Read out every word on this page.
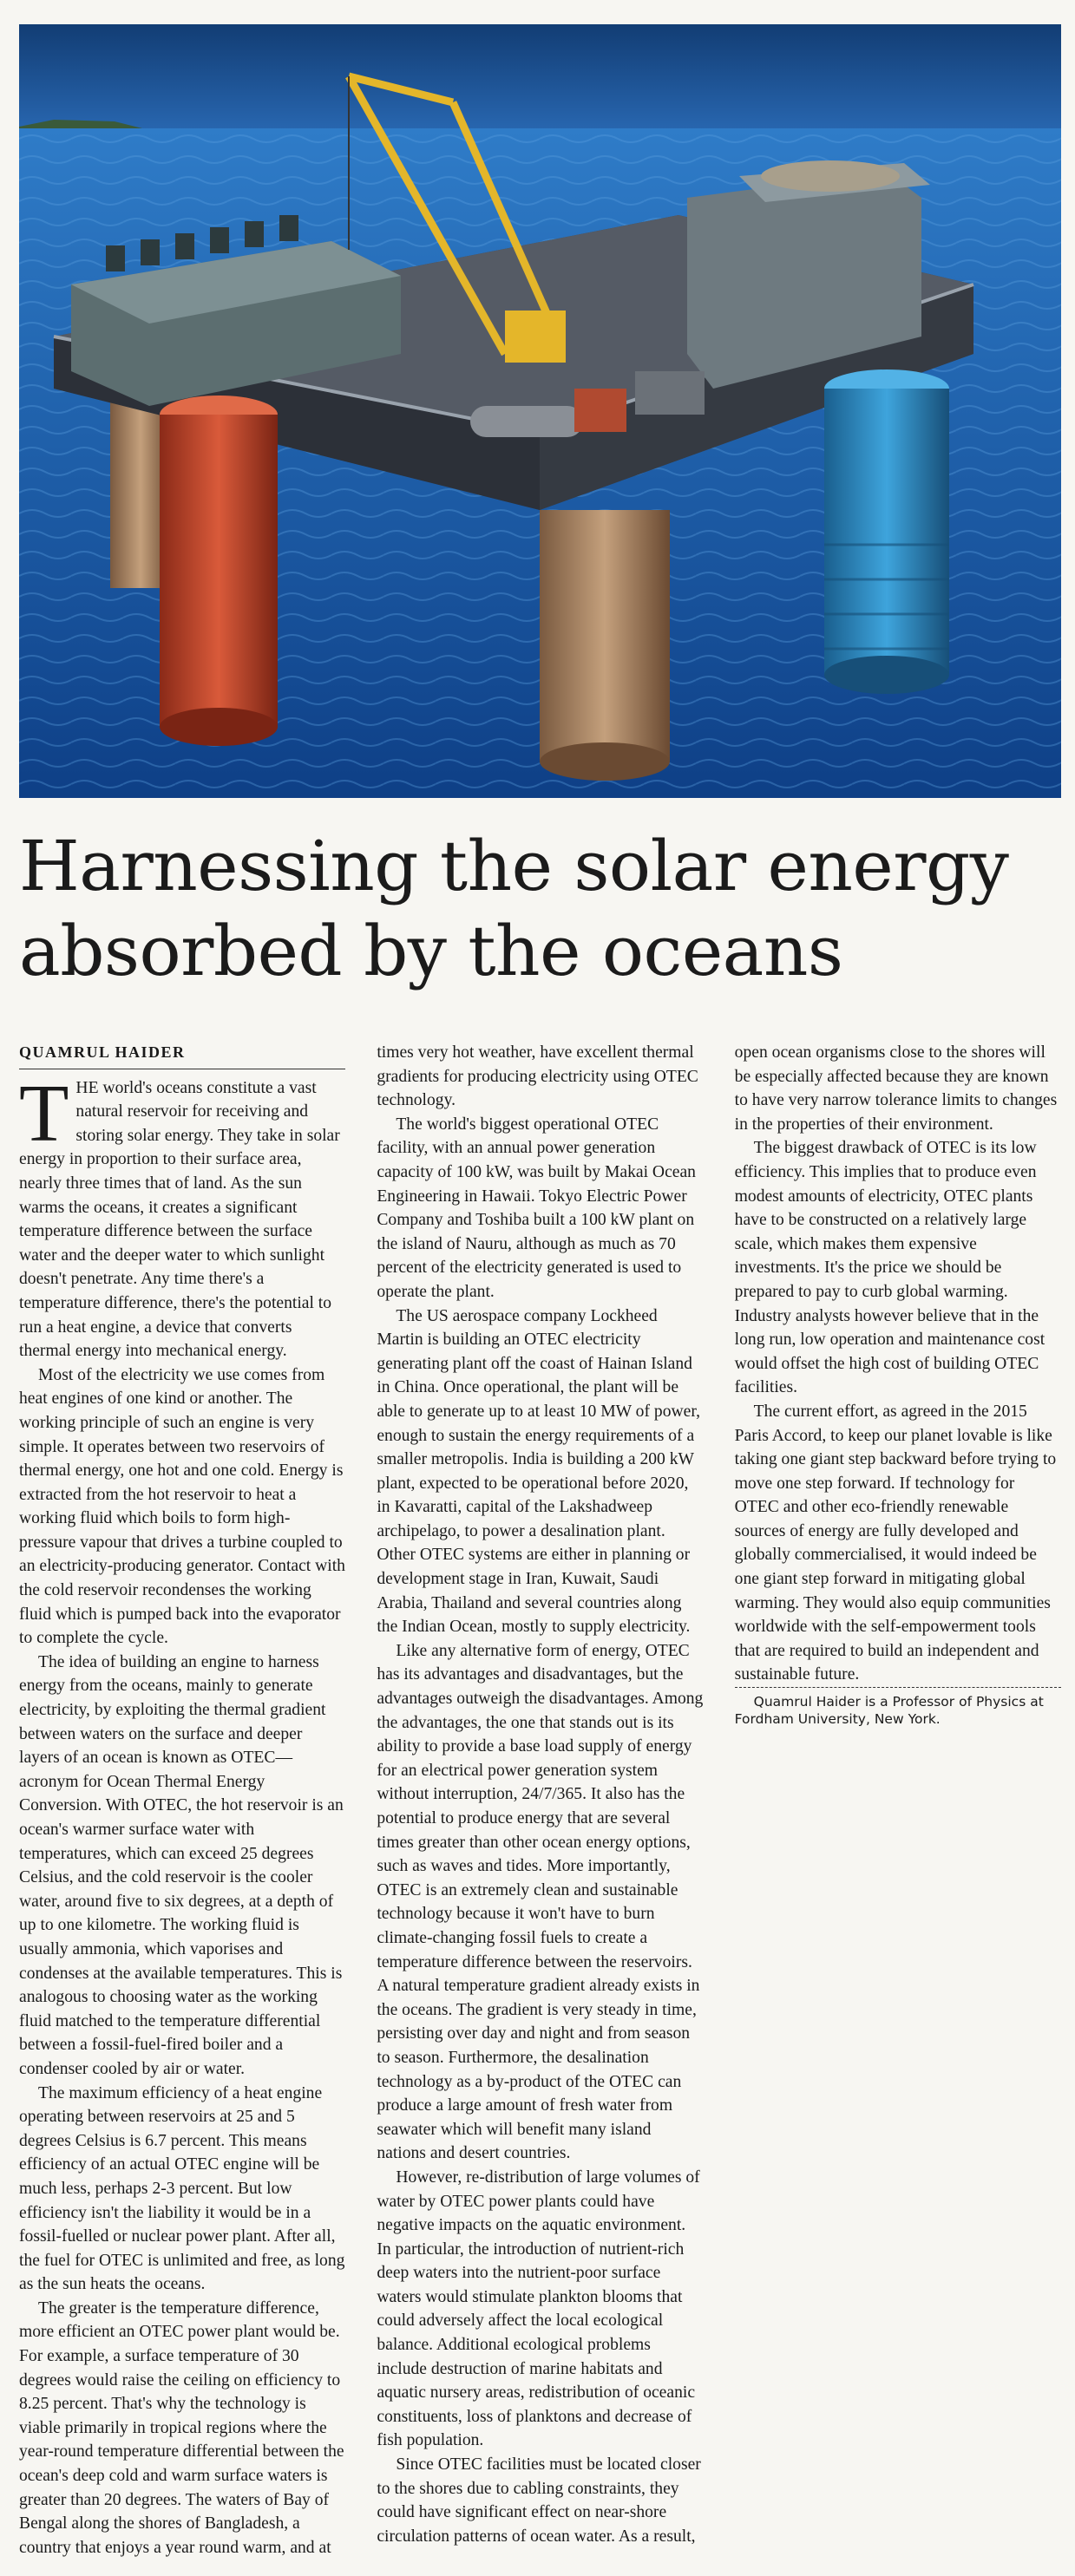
Harnessing the solar energy absorbed by the oceans
QUAMRUL HAIDER

THE world's oceans constitute a vast natural reservoir for receiving and storing solar energy. They take in solar energy in proportion to their surface area, nearly three times that of land. As the sun warms the oceans, it creates a significant temperature difference between the surface water and the deeper water to which sunlight doesn't penetrate. Any time there's a temperature difference, there's the potential to run a heat engine, a device that converts thermal energy into mechanical energy.

Most of the electricity we use comes from heat engines of one kind or another. The working principle of such an engine is very simple. It operates between two reservoirs of thermal energy, one hot and one cold. Energy is extracted from the hot reservoir to heat a working fluid which boils to form high-pressure vapour that drives a turbine coupled to an electricity-producing generator. Contact with the cold reservoir recondenses the working fluid which is pumped back into the evaporator to complete the cycle.

The idea of building an engine to harness energy from the oceans, mainly to generate electricity, by exploiting the thermal gradient between waters on the surface and deeper layers of an ocean is known as OTEC—acronym for Ocean Thermal Energy Conversion. With OTEC, the hot reservoir is an ocean's warmer surface water with temperatures, which can exceed 25 degrees Celsius, and the cold reservoir is the cooler water, around five to six degrees, at a depth of up to one kilometre. The working fluid is usually ammonia, which vaporises and condenses at the available temperatures. This is analogous to choosing water as the working fluid matched to the temperature differential between a fossil-fuel-fired boiler and a condenser cooled by air or water.

The maximum efficiency of a heat engine operating between reservoirs at 25 and 5 degrees Celsius is 6.7 percent. This means efficiency of an actual OTEC engine will be much less, perhaps 2-3 percent. But low efficiency isn't the liability it would be in a fossil-fuelled or nuclear power plant. After all, the fuel for OTEC is unlimited and free, as long as the sun heats the oceans.

The greater is the temperature difference, more efficient an OTEC power plant would be. For example, a surface temperature of 30 degrees would raise the ceiling on efficiency to 8.25 percent. That's why the technology is viable primarily in tropical regions where the year-round temperature differential between the ocean's deep cold and warm surface waters is greater than 20 degrees. The waters of Bay of Bengal along the shores of Bangladesh, a country that enjoys a year round warm, and at times very hot weather, have excellent thermal gradients for producing electricity using OTEC technology.

The world's biggest operational OTEC facility, with an annual power generation capacity of 100 kW, was built by Makai Ocean Engineering in Hawaii. Tokyo Electric Power Company and Toshiba built a 100 kW plant on the island of Nauru, although as much as 70 percent of the electricity generated is used to operate the plant.

The US aerospace company Lockheed Martin is building an OTEC electricity generating plant off the coast of Hainan Island in China. Once operational, the plant will be able to generate up to at least 10 MW of power, enough to sustain the energy requirements of a smaller metropolis. India is building a 200 kW plant, expected to be operational before 2020, in Kavaratti, capital of the Lakshadweep archipelago, to power a desalination plant. Other OTEC systems are either in planning or development stage in Iran, Kuwait, Saudi Arabia, Thailand and several countries along the Indian Ocean, mostly to supply electricity.

Like any alternative form of energy, OTEC has its advantages and disadvantages, but the advantages outweigh the disadvantages. Among the advantages, the one that stands out is its ability to provide a base load supply of energy for an electrical power generation system without interruption, 24/7/365. It also has the potential to produce energy that are several times greater than other ocean energy options, such as waves and tides. More importantly, OTEC is an extremely clean and sustainable technology because it won't have to burn climate-changing fossil fuels to create a temperature difference between the reservoirs. A natural temperature gradient already exists in the oceans. The gradient is very steady in time, persisting over day and night and from season to season. Furthermore, the desalination technology as a by-product of the OTEC can produce a large amount of fresh water from seawater which will benefit many island nations and desert countries.

However, re-distribution of large volumes of water by OTEC power plants could have negative impacts on the aquatic environment. In particular, the introduction of nutrient-rich deep waters into the nutrient-poor surface waters would stimulate plankton blooms that could adversely affect the local ecological balance. Additional ecological problems include destruction of marine habitats and aquatic nursery areas, redistribution of oceanic constituents, loss of planktons and decrease of fish population.

Since OTEC facilities must be located closer to the shores due to cabling constraints, they could have significant effect on near-shore circulation patterns of ocean water. As a result, open ocean organisms close to the shores will be especially affected because they are known to have very narrow tolerance limits to changes in the properties of their environment.

The biggest drawback of OTEC is its low efficiency. This implies that to produce even modest amounts of electricity, OTEC plants have to be constructed on a relatively large scale, which makes them expensive investments. It's the price we should be prepared to pay to curb global warming. Industry analysts however believe that in the long run, low operation and maintenance cost would offset the high cost of building OTEC facilities.

The current effort, as agreed in the 2015 Paris Accord, to keep our planet lovable is like taking one giant step backward before trying to move one step forward. If technology for OTEC and other eco-friendly renewable sources of energy are fully developed and globally commercialised, it would indeed be one giant step forward in mitigating global warming. They would also equip communities worldwide with the self-empowerment tools that are required to build an independent and sustainable future.

Quamrul Haider is a Professor of Physics at Fordham University, New York.
